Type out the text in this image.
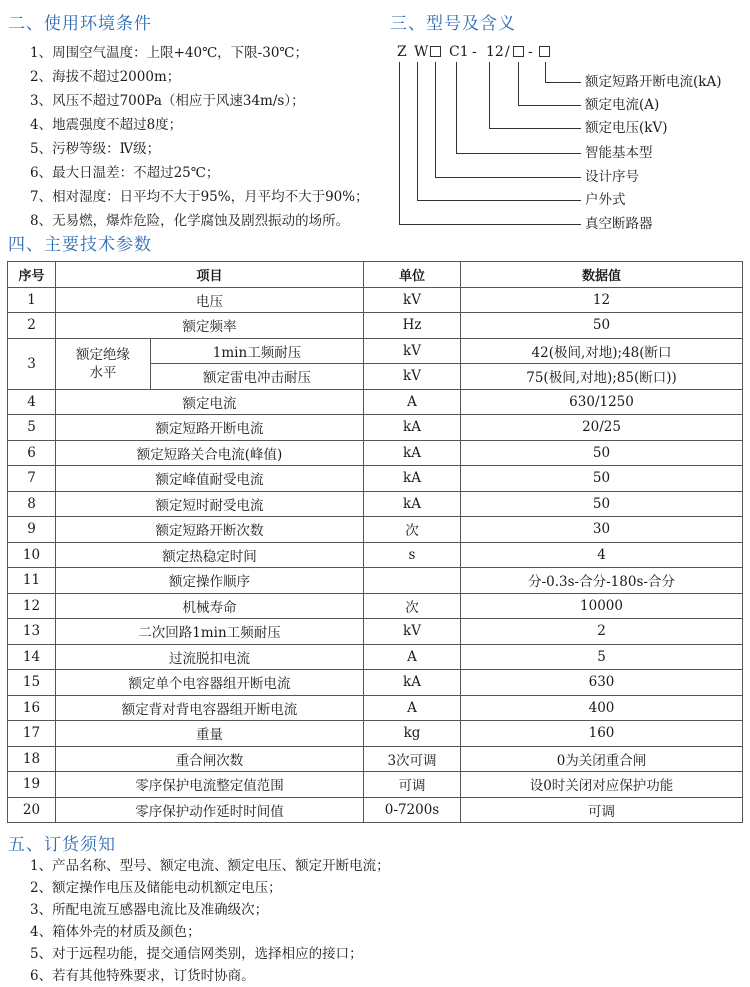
二、使用环境条件
1、周围空气温度：上限+40℃，下限-30℃；
2、海拔不超过2000m；
3、风压不超过700Pa（相应于风速34m/s）；
4、地震强度不超过8度；
5、污秽等级：Ⅳ级；
6、最大日温差：不超过25℃；
7、相对湿度：日平均不大于95%，月平均不大于90%；
8、无易燃，爆炸危险，化学腐蚀及剧烈振动的场所。
三、型号及含义
Z W C1 - 12 / -
额定短路开断电流(kA)
额定电流(A)
额定电压(kV)
智能基本型
设计序号
户外式
真空断路器
四、主要技术参数
序号	项目		单位	数据值
1	电压		kV	12
2	额定频率		Hz	50
3	额定绝缘水平	1min工频耐压	kV	42(极间,对地);48(断口
		额定雷电冲击耐压	kV	75(极间,对地);85(断口))
4	额定电流		A	630/1250
5	额定短路开断电流		kA	20/25
6	额定短路关合电流(峰值)		kA	50
7	额定峰值耐受电流		kA	50
8	额定短时耐受电流		kA	50
9	额定短路开断次数		次	30
10	额定热稳定时间		s	4
11	额定操作顺序			分-0.3s-合分-180s-合分
12	机械寿命		次	10000
13	二次回路1min工频耐压		kV	2
14	过流脱扣电流		A	5
15	额定单个电容器组开断电流		kA	630
16	额定背对背电容器组开断电流		A	400
17	重量		kg	160
18	重合闸次数		3次可调	0为关闭重合闸
19	零序保护电流整定值范围		可调	设0时关闭对应保护功能
20	零序保护动作延时时间值		0-7200s	可调
五、订货须知
1、产品名称、型号、额定电流、额定电压、额定开断电流；
2、额定操作电压及储能电动机额定电压；
3、所配电流互感器电流比及准确级次；
4、箱体外壳的材质及颜色；
5、对于远程功能，提交通信网类别，选择相应的接口；
6、若有其他特殊要求，订货时协商。
